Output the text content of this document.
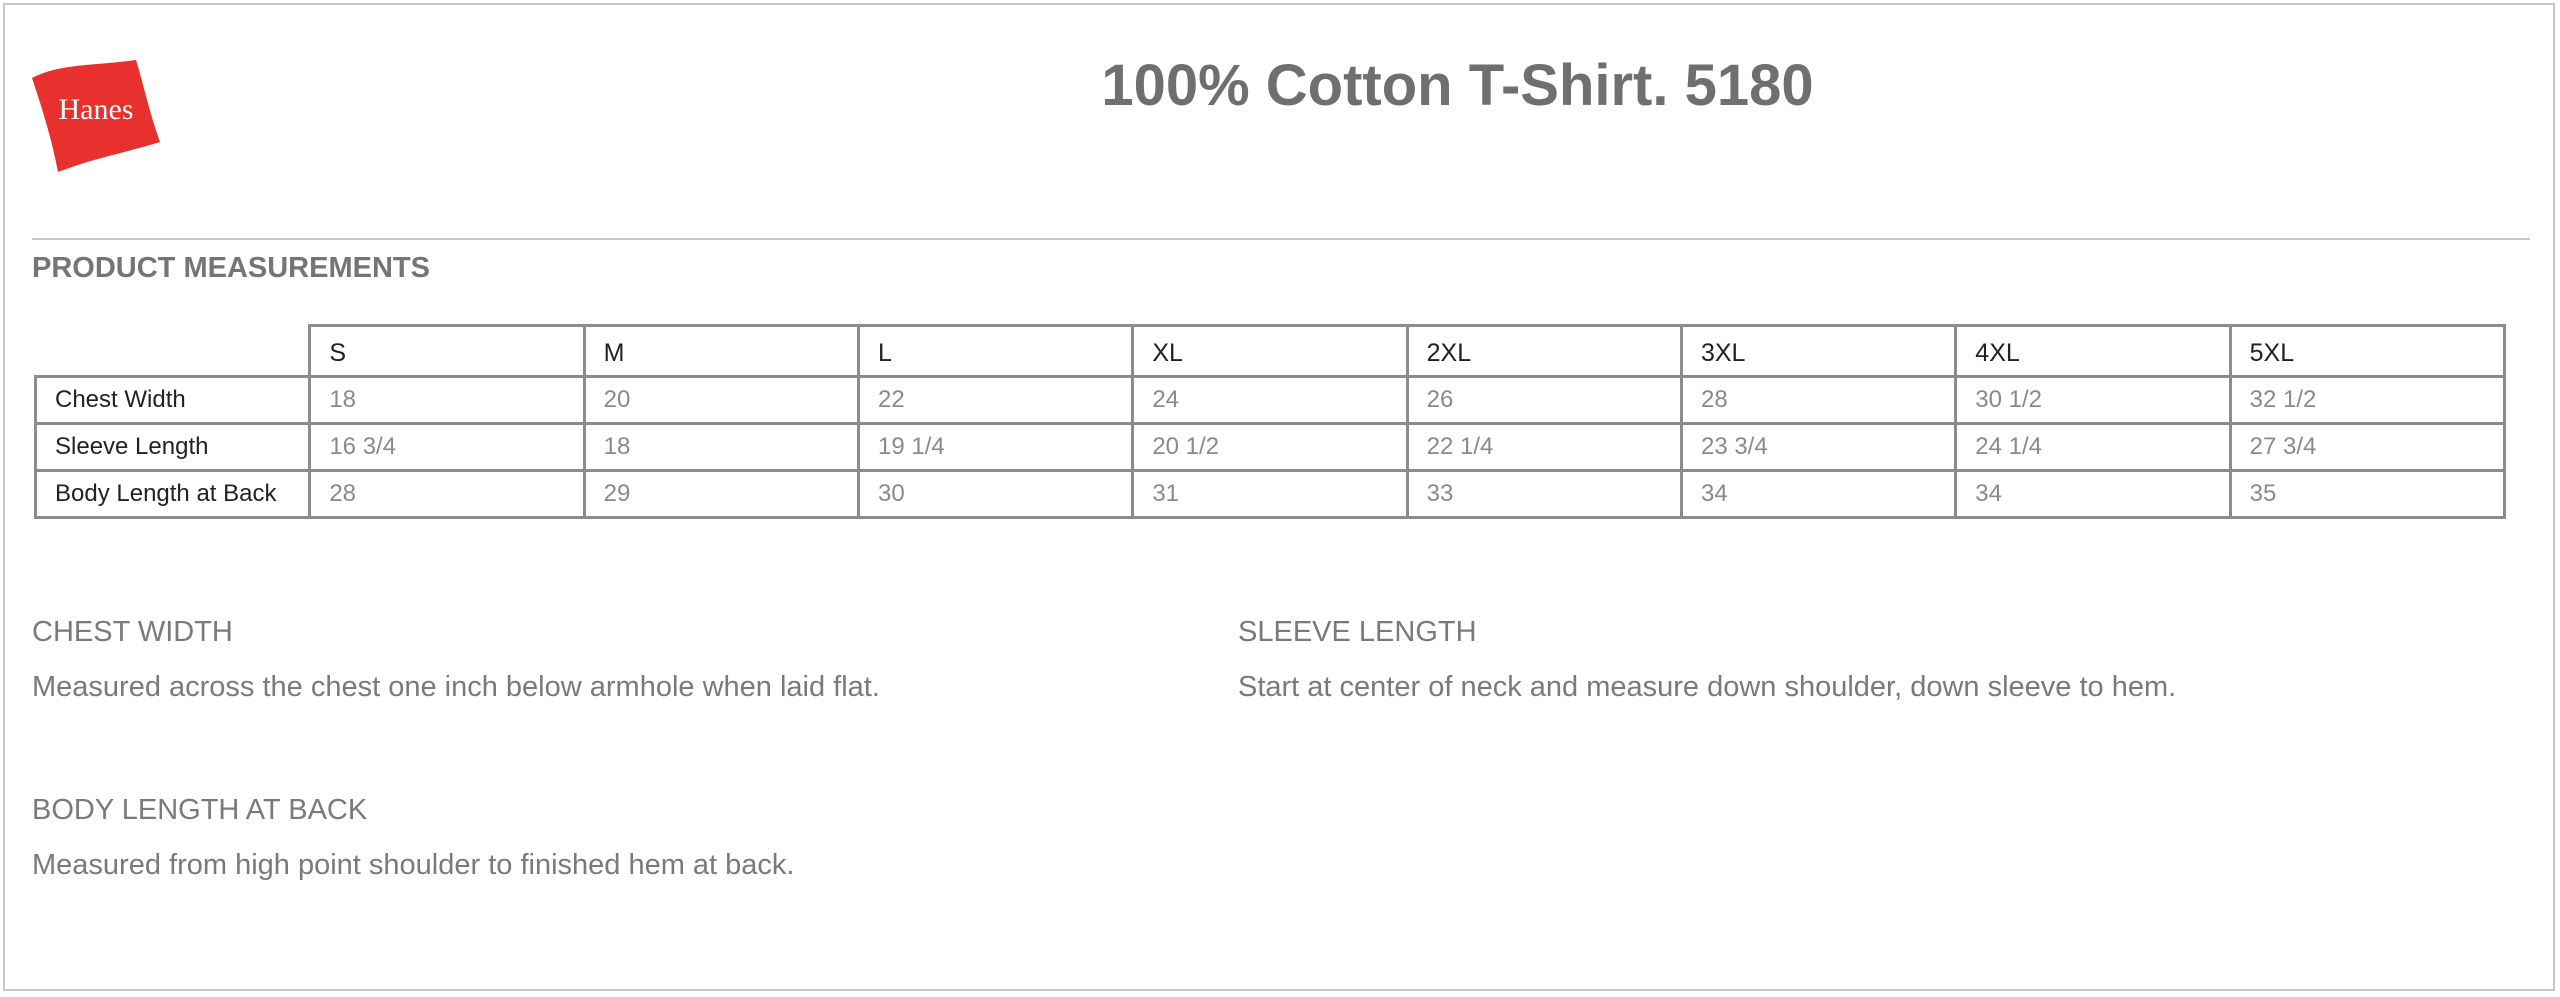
Hanes	100% Cotton T-Shirt. 5180
PRODUCT MEASUREMENTS
	S	M	L	XL	2XL	3XL	4XL	5XL
Chest Width	18	20	22	24	26	28	30 1/2	32 1/2
Sleeve Length	16 3/4	18	19 1/4	20 1/2	22 1/4	23 3/4	24 1/4	27 3/4
Body Length at Back	28	29	30	31	33	34	34	35
CHEST WIDTH
Measured across the chest one inch below armhole when laid flat.
SLEEVE LENGTH
Start at center of neck and measure down shoulder, down sleeve to hem.
BODY LENGTH AT BACK
Measured from high point shoulder to finished hem at back.
